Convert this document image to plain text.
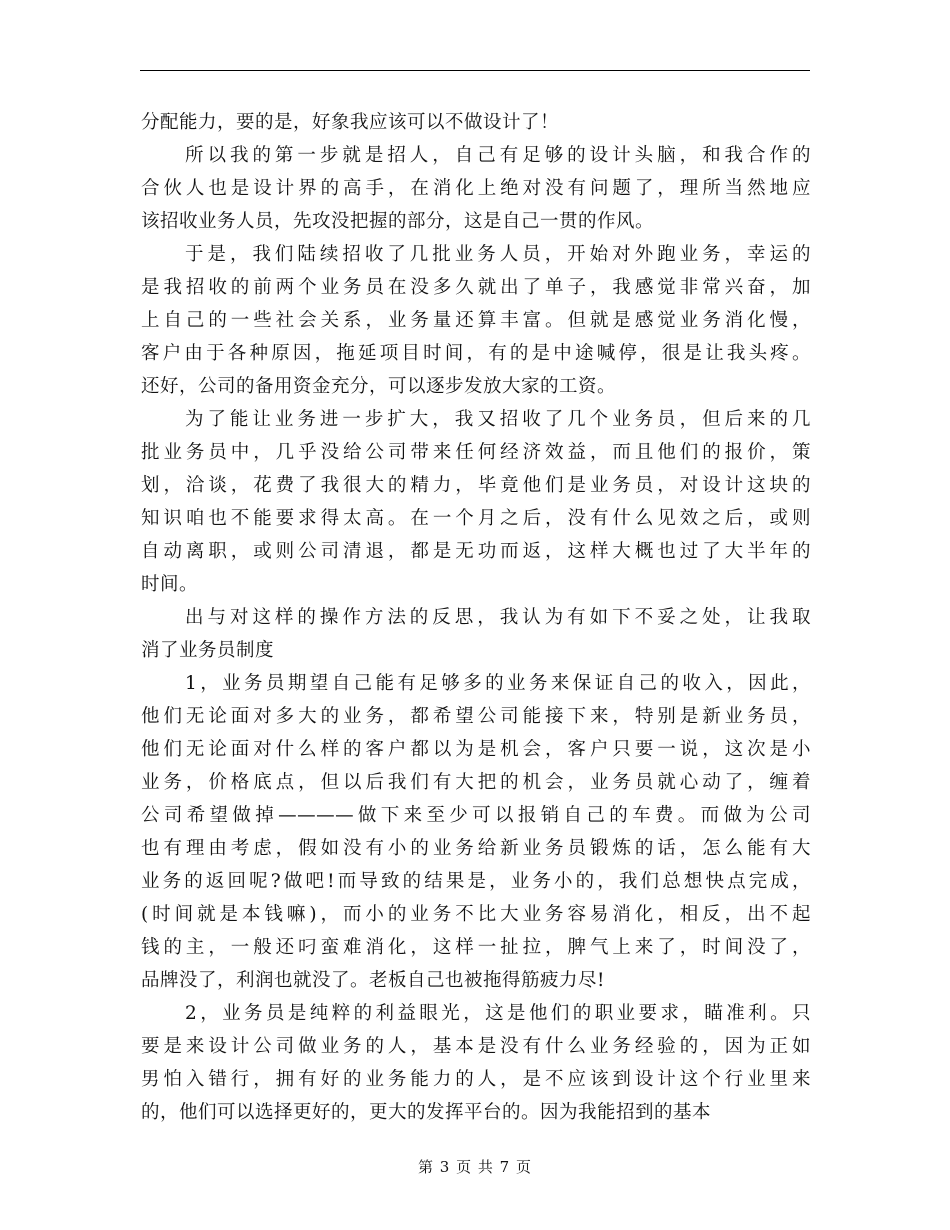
分配能力，要的是，好象我应该可以不做设计了！
所以我的第一步就是招人，自己有足够的设计头脑，和我合作的
合伙人也是设计界的高手，在消化上绝对没有问题了，理所当然地应
该招收业务人员，先攻没把握的部分，这是自己一贯的作风。
于是，我们陆续招收了几批业务人员，开始对外跑业务，幸运的
是我招收的前两个业务员在没多久就出了单子，我感觉非常兴奋，加
上自己的一些社会关系，业务量还算丰富。但就是感觉业务消化慢，
客户由于各种原因，拖延项目时间，有的是中途喊停，很是让我头疼。
还好，公司的备用资金充分，可以逐步发放大家的工资。
为了能让业务进一步扩大，我又招收了几个业务员，但后来的几
批业务员中，几乎没给公司带来任何经济效益，而且他们的报价，策
划，洽谈，花费了我很大的精力，毕竟他们是业务员，对设计这块的
知识咱也不能要求得太高。在一个月之后，没有什么见效之后，或则
自动离职，或则公司清退，都是无功而返，这样大概也过了大半年的
时间。
出与对这样的操作方法的反思，我认为有如下不妥之处，让我取
消了业务员制度
1，业务员期望自己能有足够多的业务来保证自己的收入，因此，
他们无论面对多大的业务，都希望公司能接下来，特别是新业务员，
他们无论面对什么样的客户都以为是机会，客户只要一说，这次是小
业务，价格底点，但以后我们有大把的机会，业务员就心动了，缠着
公司希望做掉————做下来至少可以报销自己的车费。而做为公司
也有理由考虑，假如没有小的业务给新业务员锻炼的话，怎么能有大
业务的返回呢?做吧!而导致的结果是，业务小的，我们总想快点完成，
(时间就是本钱嘛)，而小的业务不比大业务容易消化，相反，出不起
钱的主，一般还叼蛮难消化，这样一扯拉，脾气上来了，时间没了，
品牌没了，利润也就没了。老板自己也被拖得筋疲力尽!
2，业务员是纯粹的利益眼光，这是他们的职业要求，瞄准利。只
要是来设计公司做业务的人，基本是没有什么业务经验的，因为正如
男怕入错行，拥有好的业务能力的人，是不应该到设计这个行业里来
的，他们可以选择更好的，更大的发挥平台的。因为我能招到的基本
第 3 页 共 7 页
